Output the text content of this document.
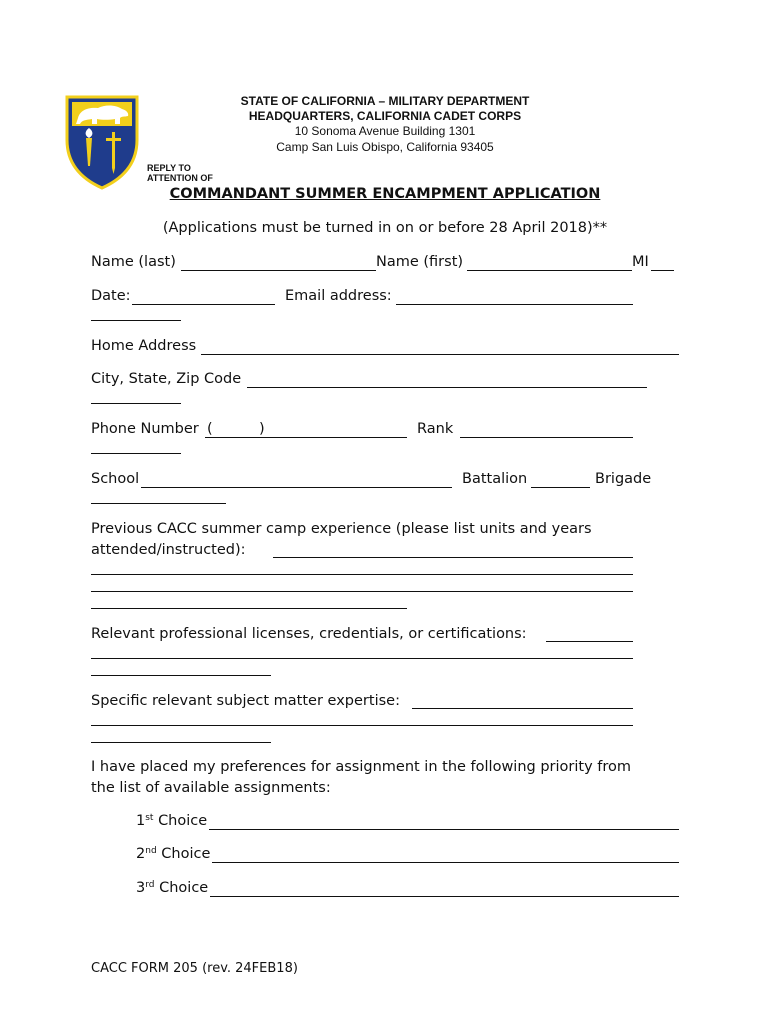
STATE OF CALIFORNIA – MILITARY DEPARTMENT
HEADQUARTERS, CALIFORNIA CADET CORPS
10 Sonoma Avenue Building 1301
Camp San Luis Obispo, California 93405
REPLY TO
ATTENTION OF
COMMANDANT SUMMER ENCAMPMENT APPLICATION
(Applications must be turned in on or before 28 April 2018)**
Name (last)	Name (first)	MI
Date:	Email address:
Home Address
City, State, Zip Code
Phone Number (	)	Rank
School	Battalion	Brigade
Previous CACC summer camp experience (please list units and years
attended/instructed):
Relevant professional licenses, credentials, or certifications:
Specific relevant subject matter expertise:
I have placed my preferences for assignment in the following priority from
the list of available assignments:
1st Choice
2nd Choice
3rd Choice
CACC FORM 205 (rev. 24FEB18)
